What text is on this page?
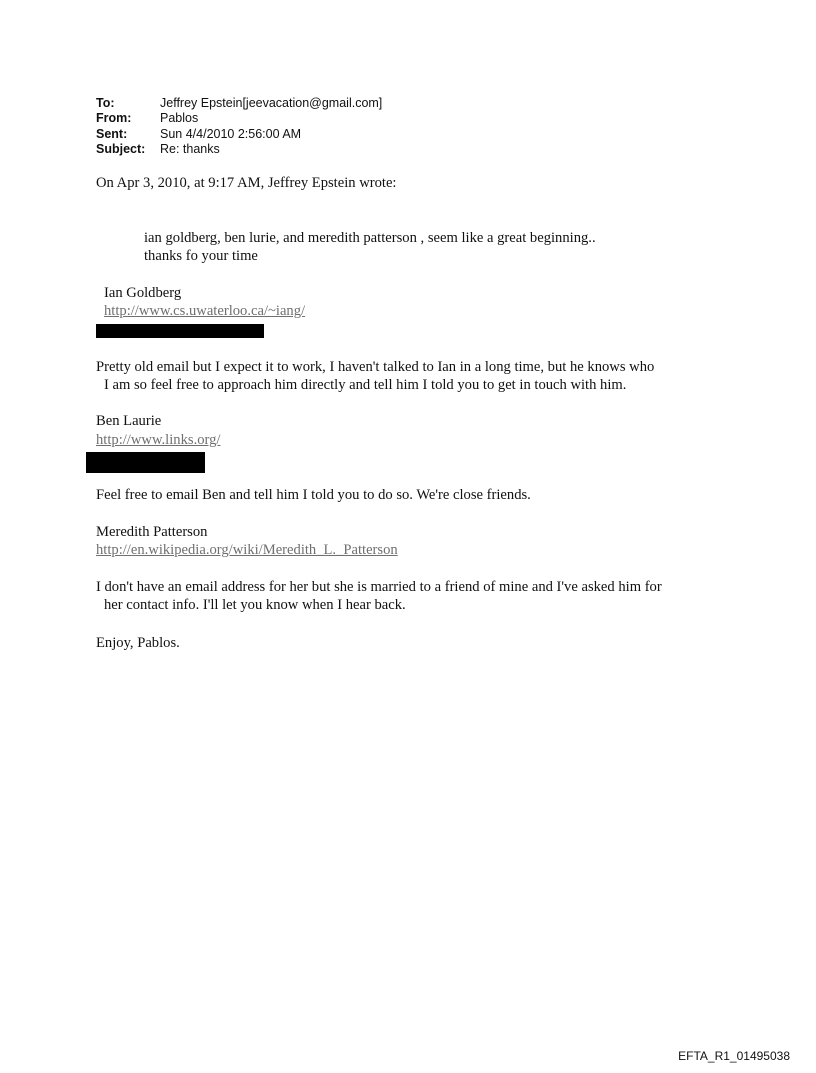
To:	Jeffrey Epstein[jeevacation@gmail.com]
From:	Pablos
Sent:	Sun 4/4/2010 2:56:00 AM
Subject:	Re: thanks
On Apr 3, 2010, at 9:17 AM, Jeffrey Epstein wrote:
ian goldberg, ben lurie, and meredith patterson , seem like a great beginning..
thanks fo your time
Ian Goldberg
http://www.cs.uwaterloo.ca/~iang/
Pretty old email but I expect it to work, I haven't talked to Ian in a long time, but he knows who
I am so feel free to approach him directly and tell him I told you to get in touch with him.
Ben Laurie
http://www.links.org/
Feel free to email Ben and tell him I told you to do so. We're close friends.
Meredith Patterson
http://en.wikipedia.org/wiki/Meredith_L._Patterson
I don't have an email address for her but she is married to a friend of mine and I've asked him for
her contact info. I'll let you know when I hear back.
Enjoy, Pablos.
EFTA_R1_01495038
